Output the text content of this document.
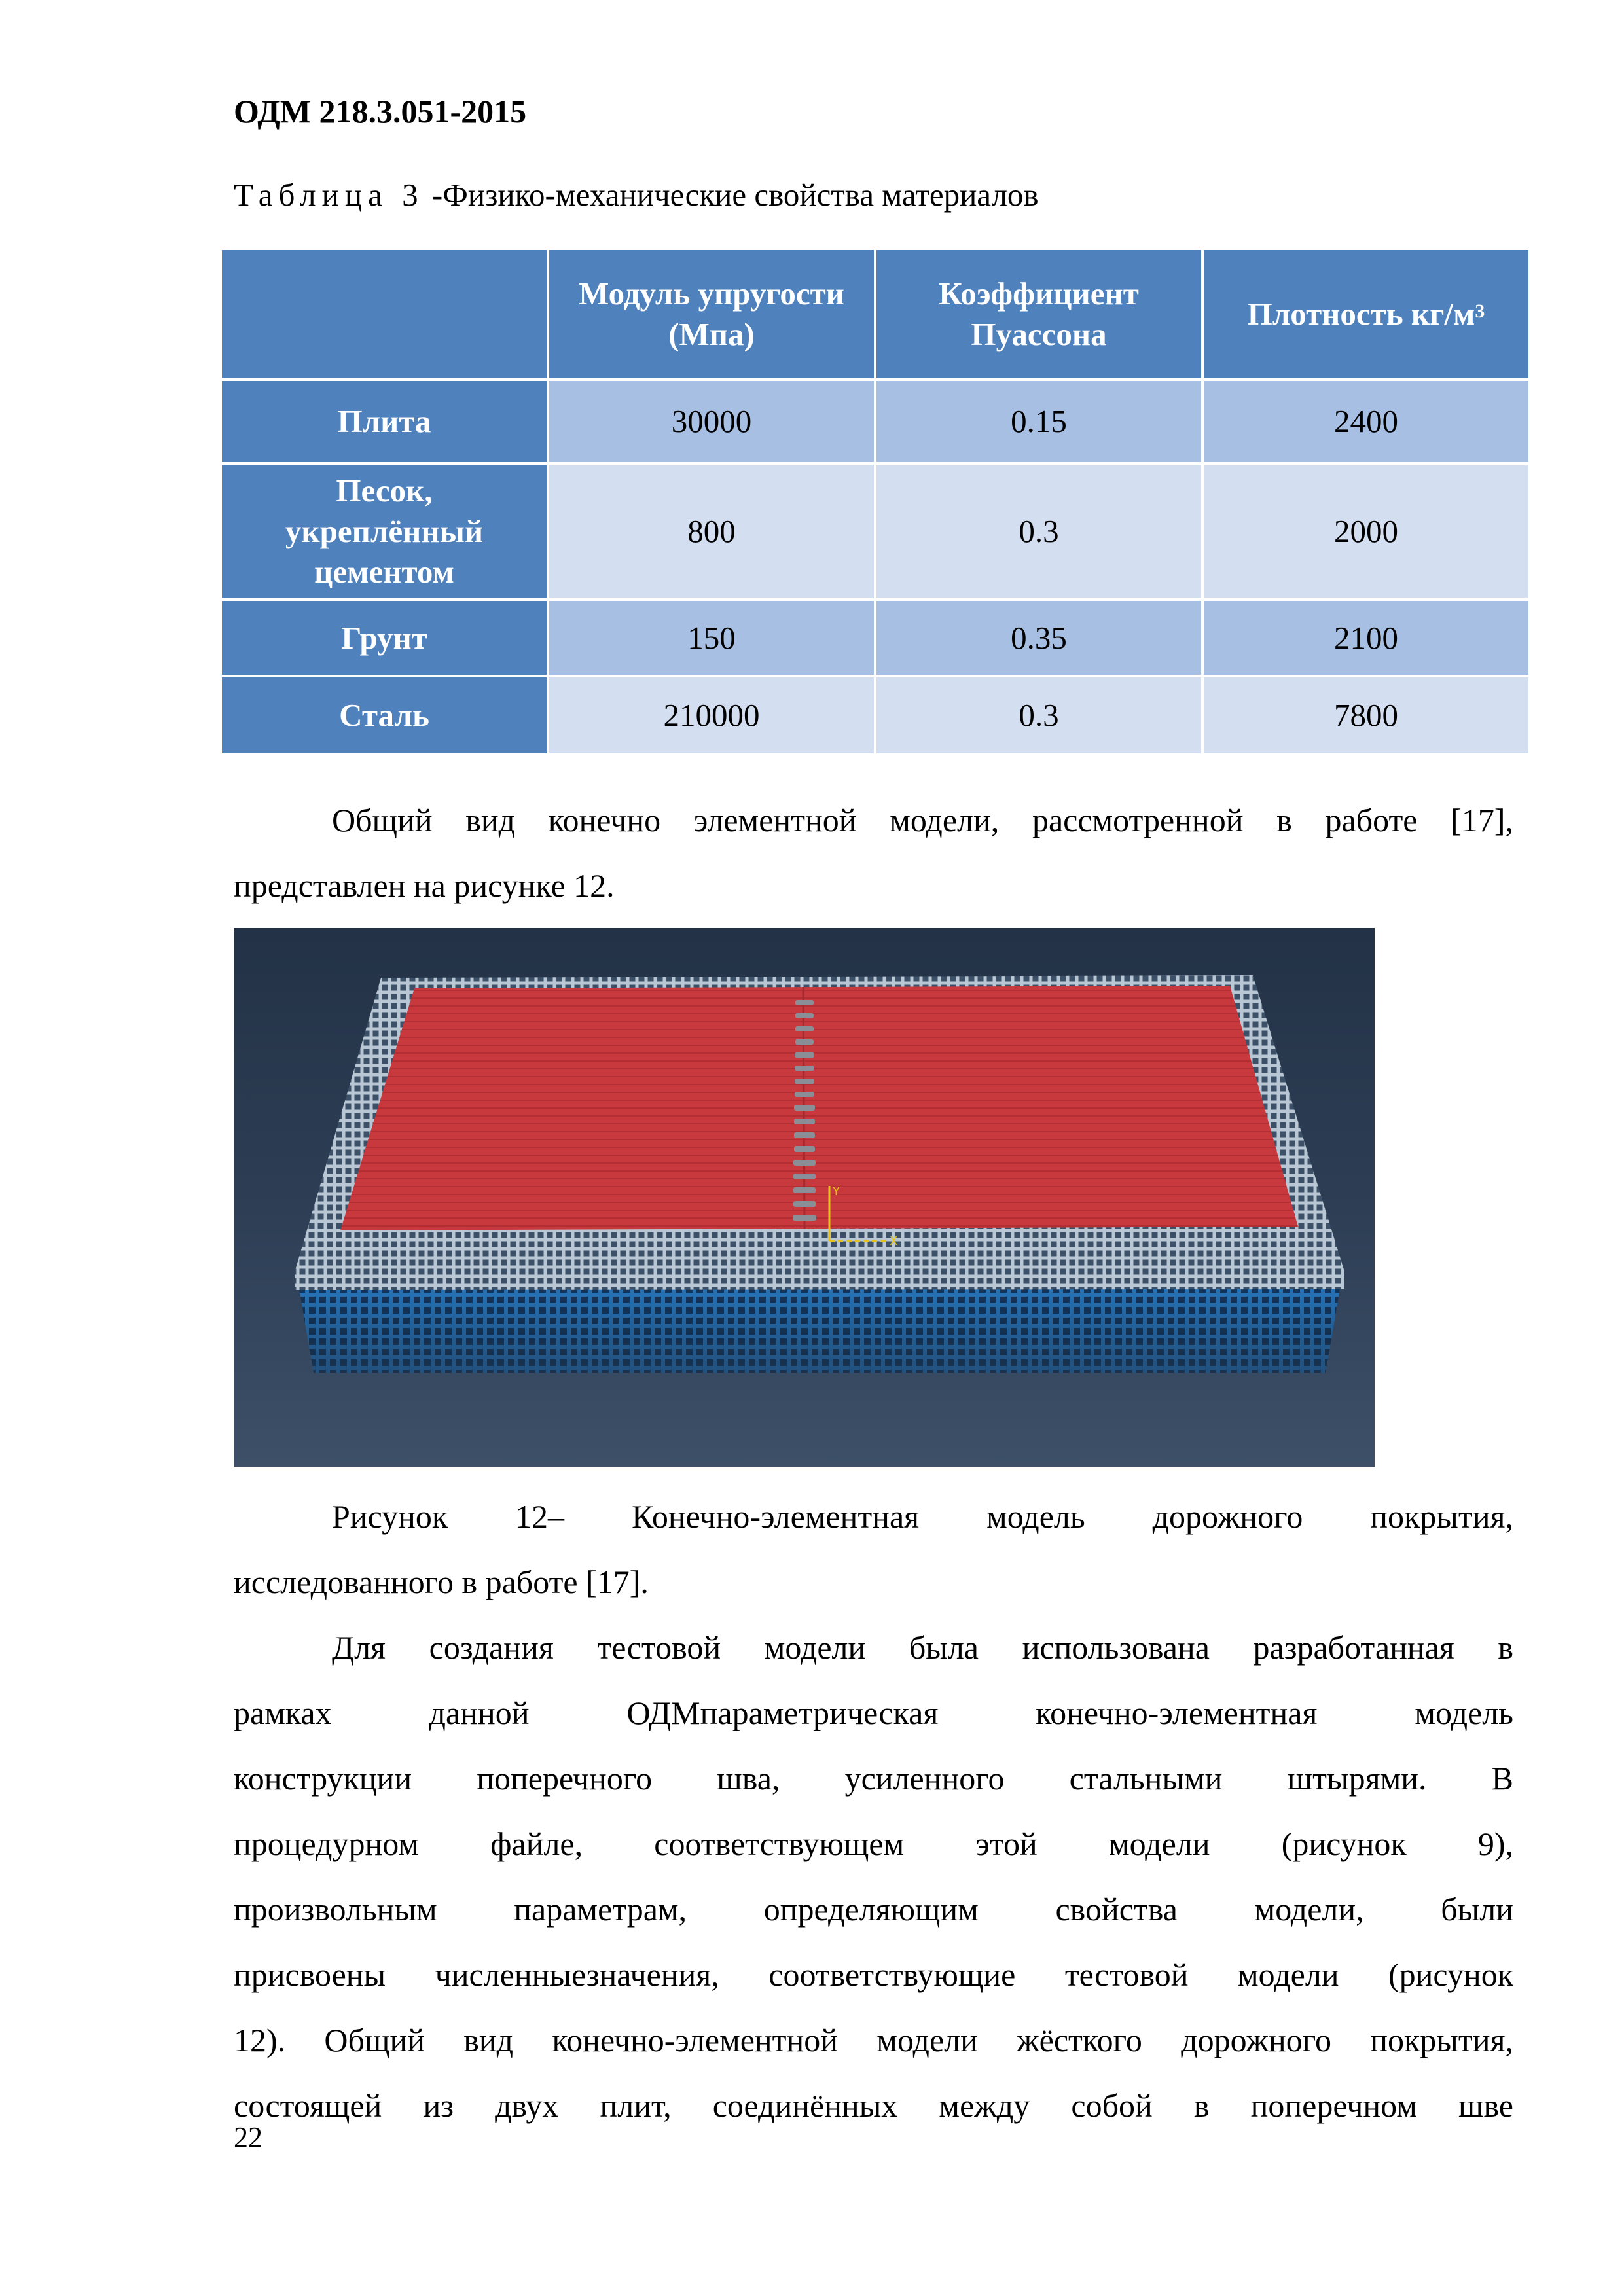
ОДМ 218.3.051-2015
Таблица 3 -Физико-механические свойства материалов
	Модуль упругости (Мпа)	Коэффициент Пуассона	Плотность $кг/м^3$
Плита	30000	0.15	2400
Песок, укреплённый цементом	800	0.3	2000
Грунт	150	0.35	2100
Сталь	210000	0.3	7800
Общий вид конечно элементной модели, рассмотренной в работе [17],
представлен на рисунке 12.
Y
X
Рисунок 12– Конечно-элементная модель дорожного покрытия,
исследованного в работе [17].
Для создания тестовой модели была использована разработанная в
рамках данной ОДМпараметрическая конечно-элементная модель
конструкции поперечного шва, усиленного стальными штырями. В
процедурном файле, соответствующем этой модели (рисунок 9),
произвольным параметрам, определяющим свойства модели, были
присвоены численныезначения, соответствующие тестовой модели (рисунок
12). Общий вид конечно-элементной модели жёсткого дорожного покрытия,
состоящей из двух плит, соединённых между собой в поперечном шве
22
